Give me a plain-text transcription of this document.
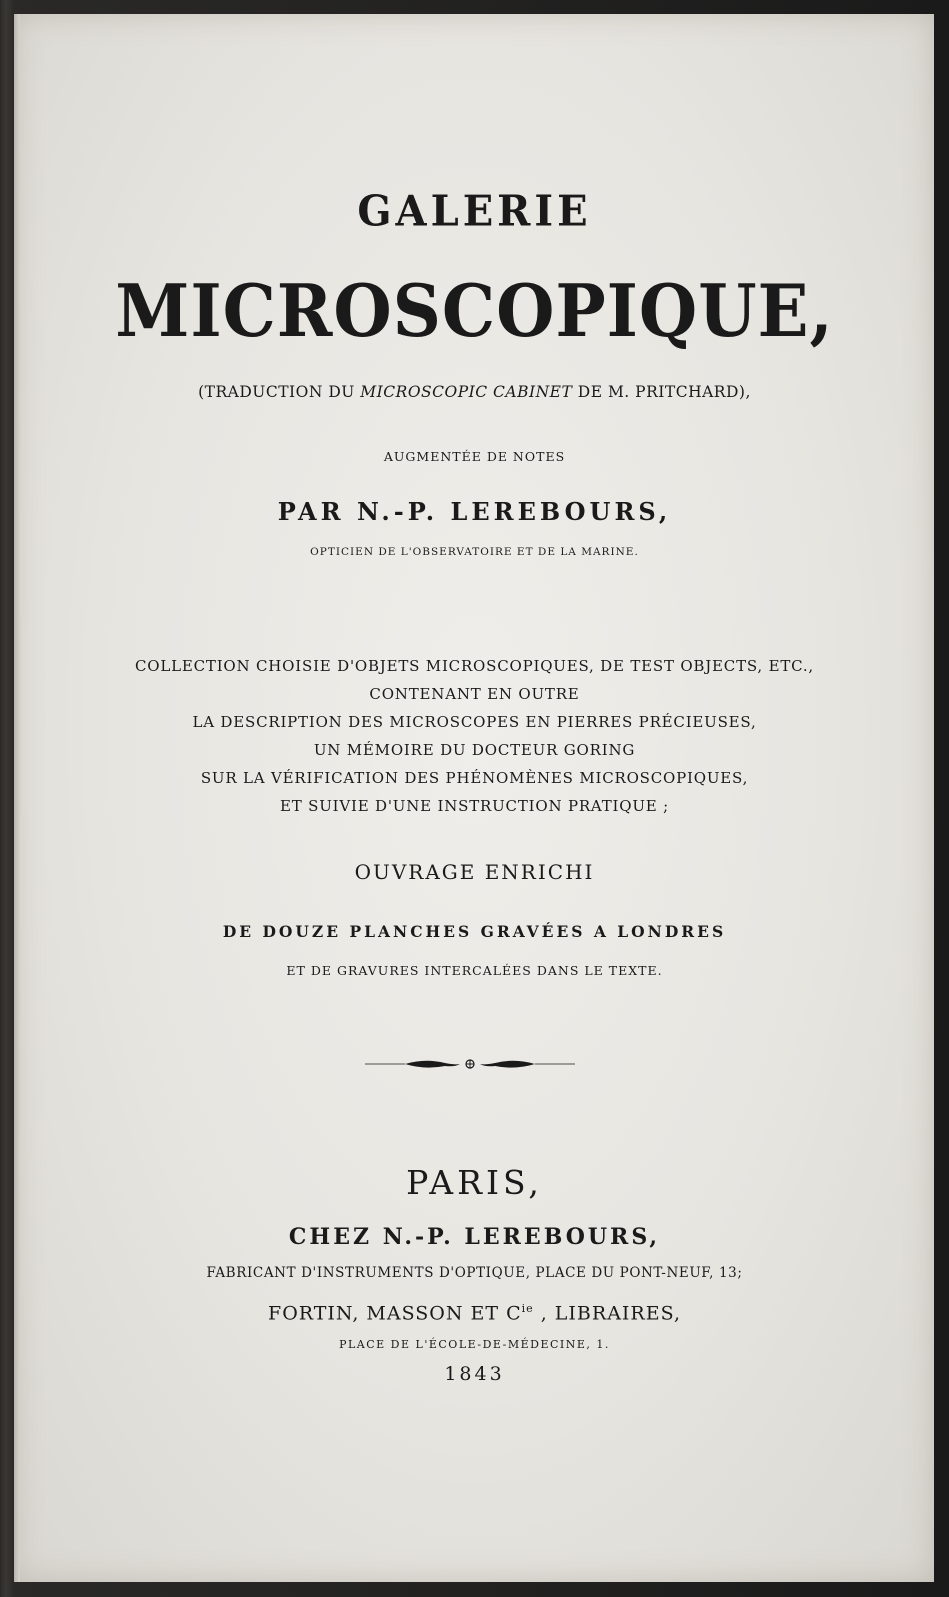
GALERIE
MICROSCOPIQUE,
(TRADUCTION DU MICROSCOPIC CABINET DE M. PRITCHARD),
AUGMENTÉE DE NOTES
PAR N.-P. LEREBOURS,
OPTICIEN DE L'OBSERVATOIRE ET DE LA MARINE.
COLLECTION CHOISIE D'OBJETS MICROSCOPIQUES, DE TEST OBJECTS, ETC.,
CONTENANT EN OUTRE
LA DESCRIPTION DES MICROSCOPES EN PIERRES PRÉCIEUSES,
UN MÉMOIRE DU DOCTEUR GORING
SUR LA VÉRIFICATION DES PHÉNOMÈNES MICROSCOPIQUES,
ET SUIVIE D'UNE INSTRUCTION PRATIQUE ;
OUVRAGE ENRICHI
DE DOUZE PLANCHES GRAVÉES A LONDRES
ET DE GRAVURES INTERCALÉES DANS LE TEXTE.
PARIS,
CHEZ N.-P. LEREBOURS,
FABRICANT D'INSTRUMENTS D'OPTIQUE, PLACE DU PONT-NEUF, 13;
FORTIN, MASSON ET $C^{ie}$ , LIBRAIRES,
PLACE DE L'ÉCOLE-DE-MÉDECINE, 1.
1843
